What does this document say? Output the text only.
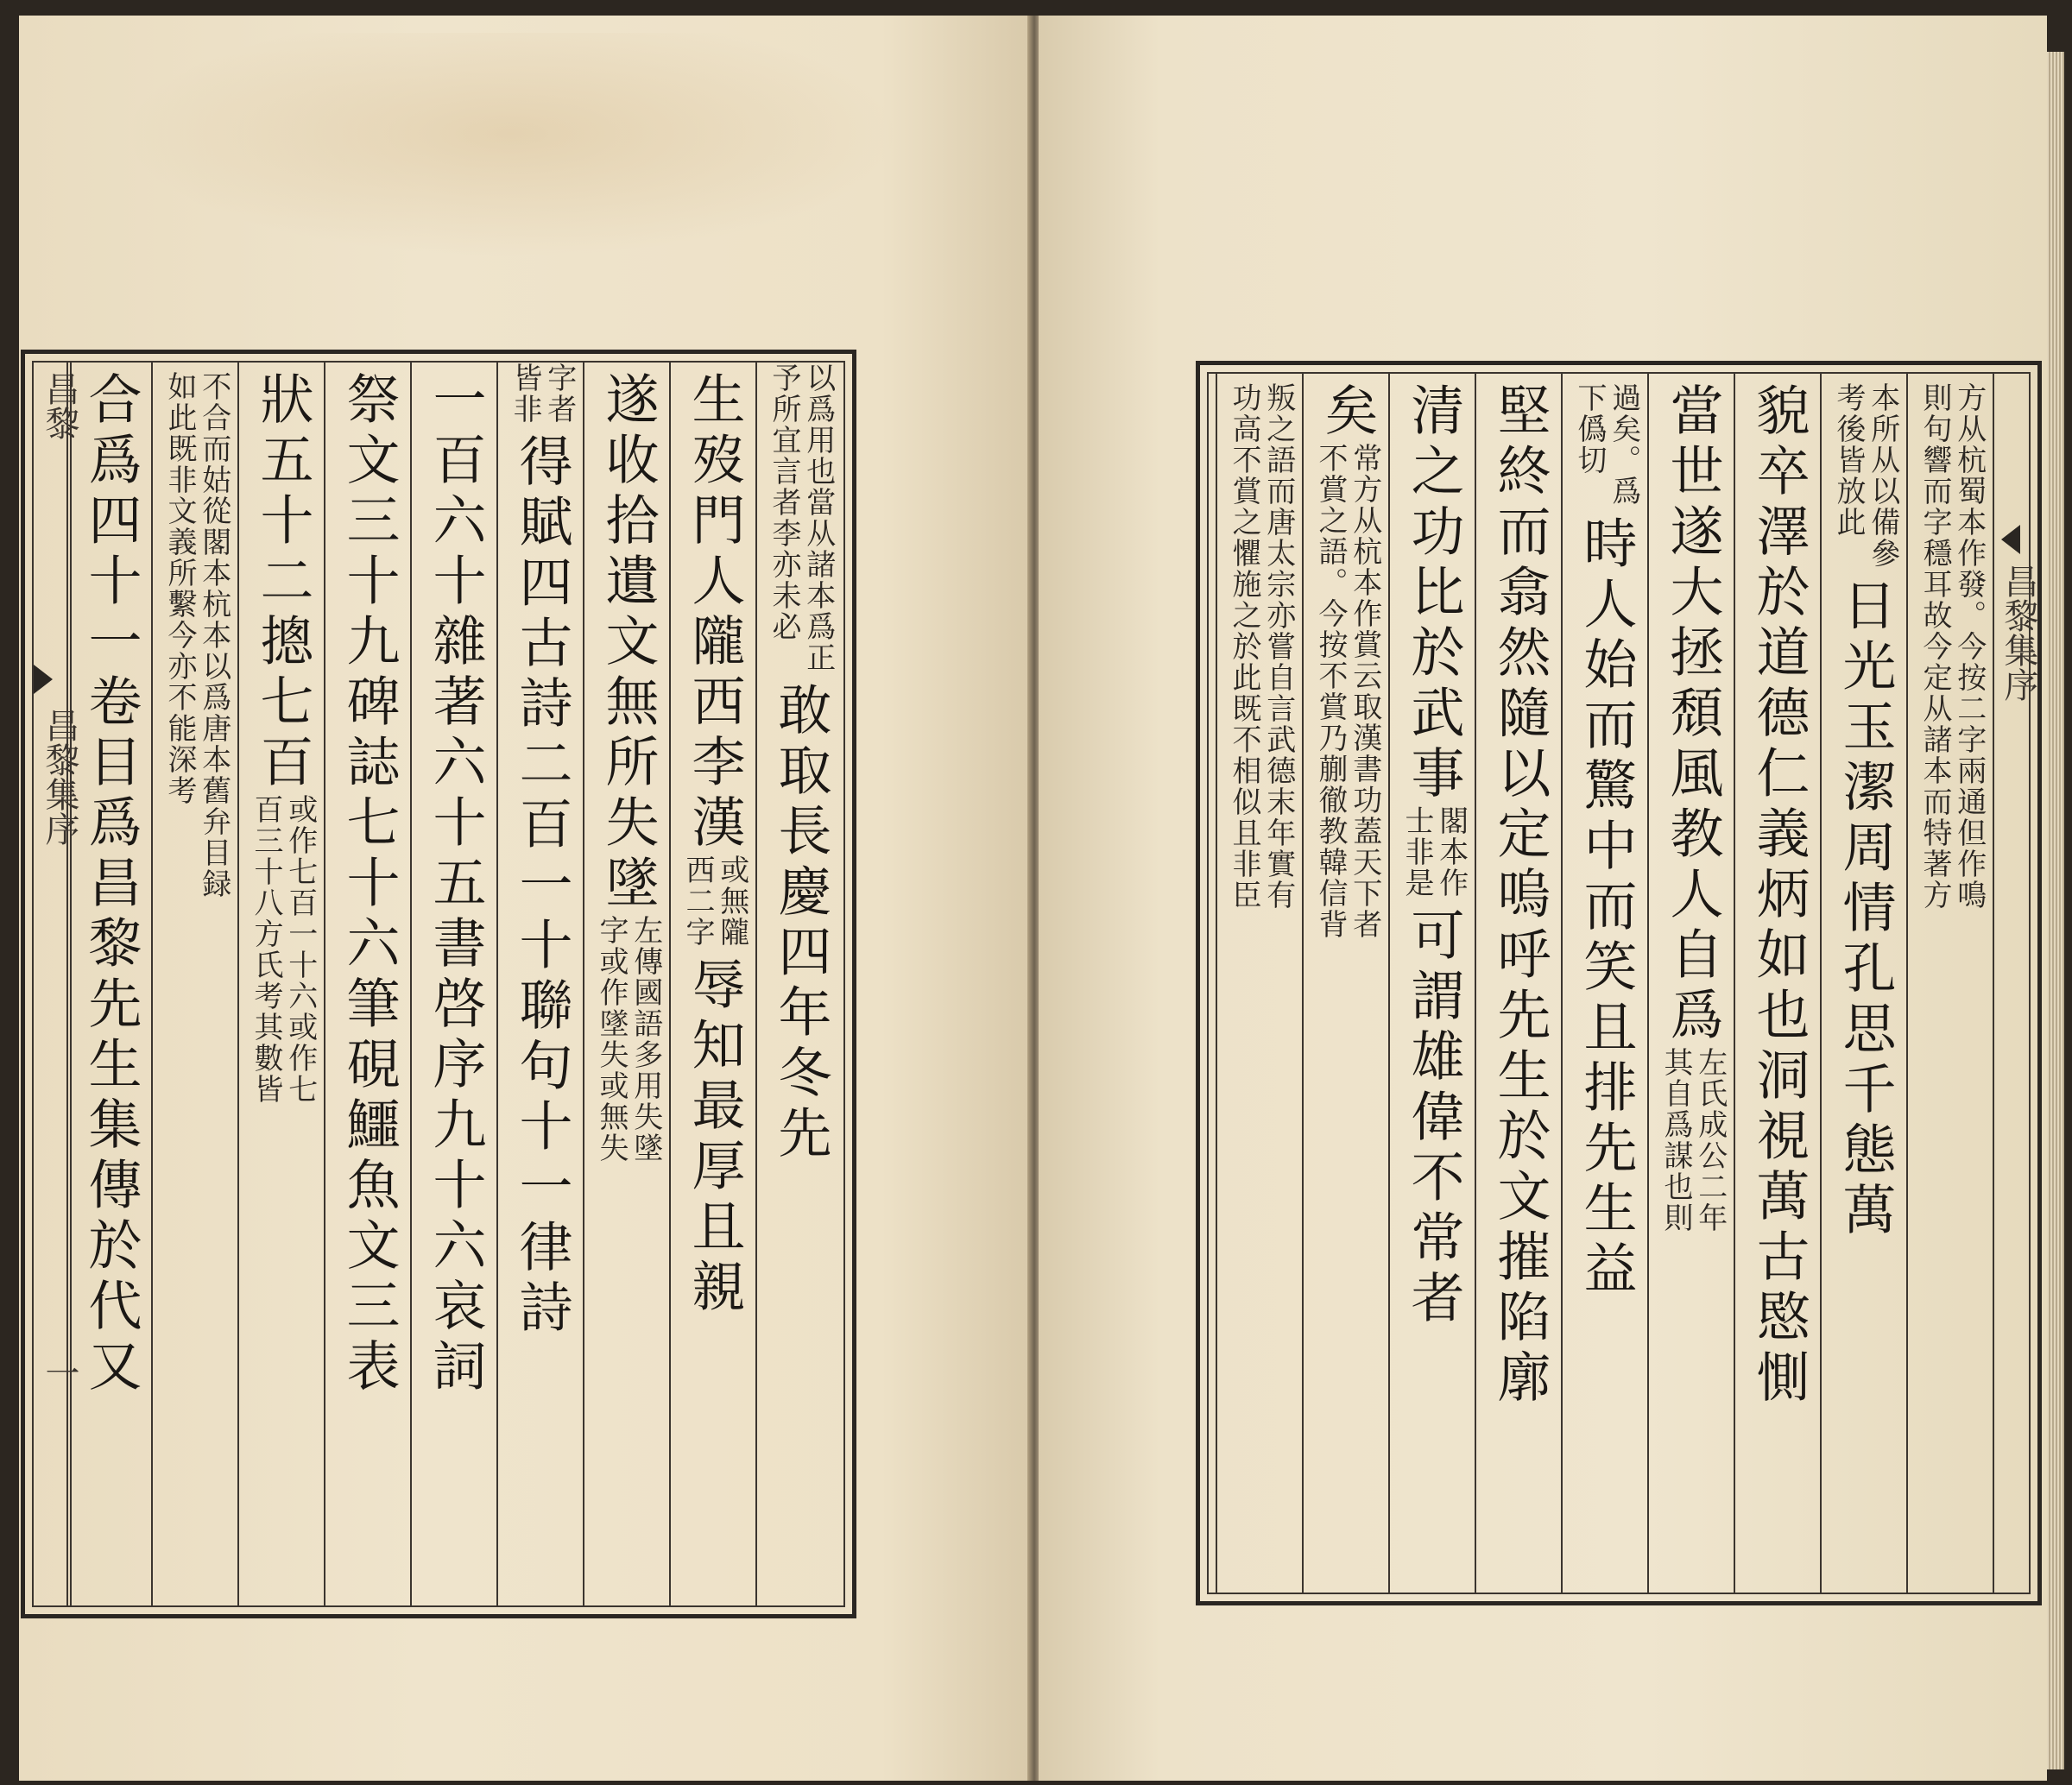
昌黎
昌黎集序
一
以爲用也當从諸本爲正
予所宜言者李亦未必
敢取長慶四年冬先
生歿門人隴西李漢
或無隴
西二字
辱知最厚且親
遂收拾遺文無所失墜
左傳國語多用失墜
字或作墜失或無失
字者
皆非
得賦四古詩二百一十聯句十一律詩
一百六十雜著六十五書啓序九十六哀詞
祭文三十九碑誌七十六筆硯鱷魚文三表
狀五十二摠七百
或作七百一十六或作七
百三十八方氏考其數皆
不合而姑從閣本杭本以爲唐本舊弁目録
如此既非文義所繫今亦不能深考
合爲四十一卷目爲昌黎先生集傳於代又	昌黎集序
方从杭蜀本作發。今按二字兩通但作鳴
則句響而字穩耳故今定从諸本而特著方
本所从以備參
考後皆放此
日光玉潔周情孔思千態萬
貌卒澤於道德仁義炳如也洞視萬古愍惻
當世遂大拯頹風教人自爲
左氏成公二年
其自爲謀也則
過矣。爲
下僞切
時人始而驚中而笑且排先生益
堅終而翕然隨以定嗚呼先生於文摧陷廓
清之功比於武事
閣本作
士非是
可謂雄偉不常者
矣
常方从杭本作賞云取漢書功蓋天下者
不賞之語。今按不賞乃蒯徹教韓信背
叛之語而唐太宗亦嘗自言武德末年實有
功高不賞之懼施之於此既不相似且非臣
